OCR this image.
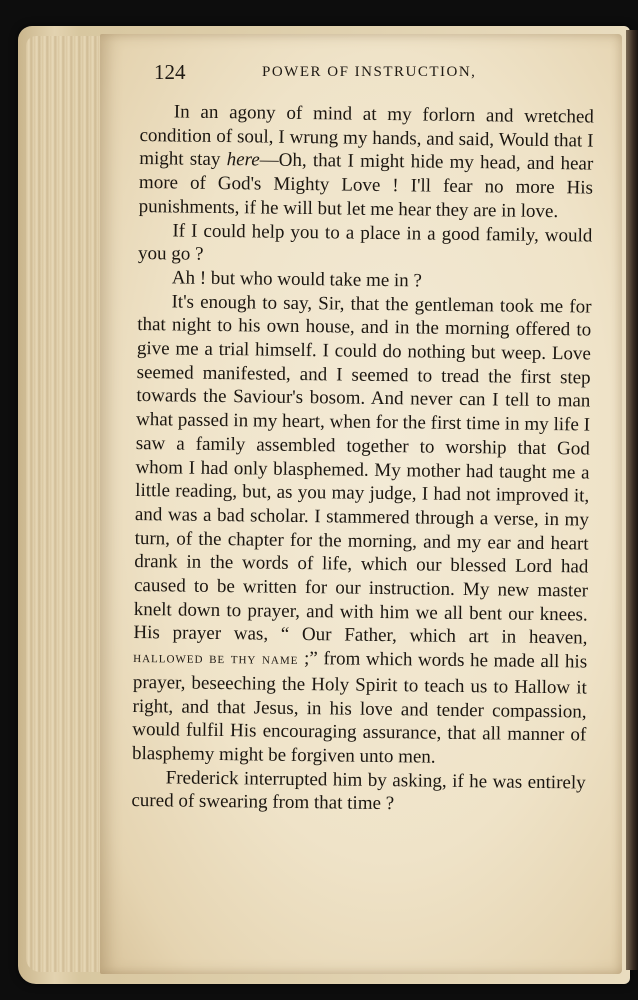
124	POWER OF INSTRUCTION,

In an agony of mind at my forlorn and wretched condition of soul, I wrung my hands, and said, Would that I might stay here—Oh, that I might hide my head, and hear more of God's Mighty Love ! I'll fear no more His punishments, if he will but let me hear they are in love.

If I could help you to a place in a good family, would you go ?

Ah ! but who would take me in ?

It's enough to say, Sir, that the gentleman took me for that night to his own house, and in the morning offered to give me a trial himself. I could do nothing but weep. Love seemed manifested, and I seemed to tread the first step towards the Saviour's bosom. And never can I tell to man what passed in my heart, when for the first time in my life I saw a family assembled together to worship that God whom I had only blasphemed. My mother had taught me a little reading, but, as you may judge, I had not improved it, and was a bad scholar. I stammered through a verse, in my turn, of the chapter for the morning, and my ear and heart drank in the words of life, which our blessed Lord had caused to be written for our instruction. My new master knelt down to prayer, and with him we all bent our knees. His prayer was, “ Our Father, which art in heaven, hallowed be thy name ;” from which words he made all his prayer, beseeching the Holy Spirit to teach us to Hallow it right, and that Jesus, in his love and tender compassion, would fulfil His encouraging assurance, that all manner of blasphemy might be forgiven unto men.

Frederick interrupted him by asking, if he was entirely cured of swearing from that time ?
